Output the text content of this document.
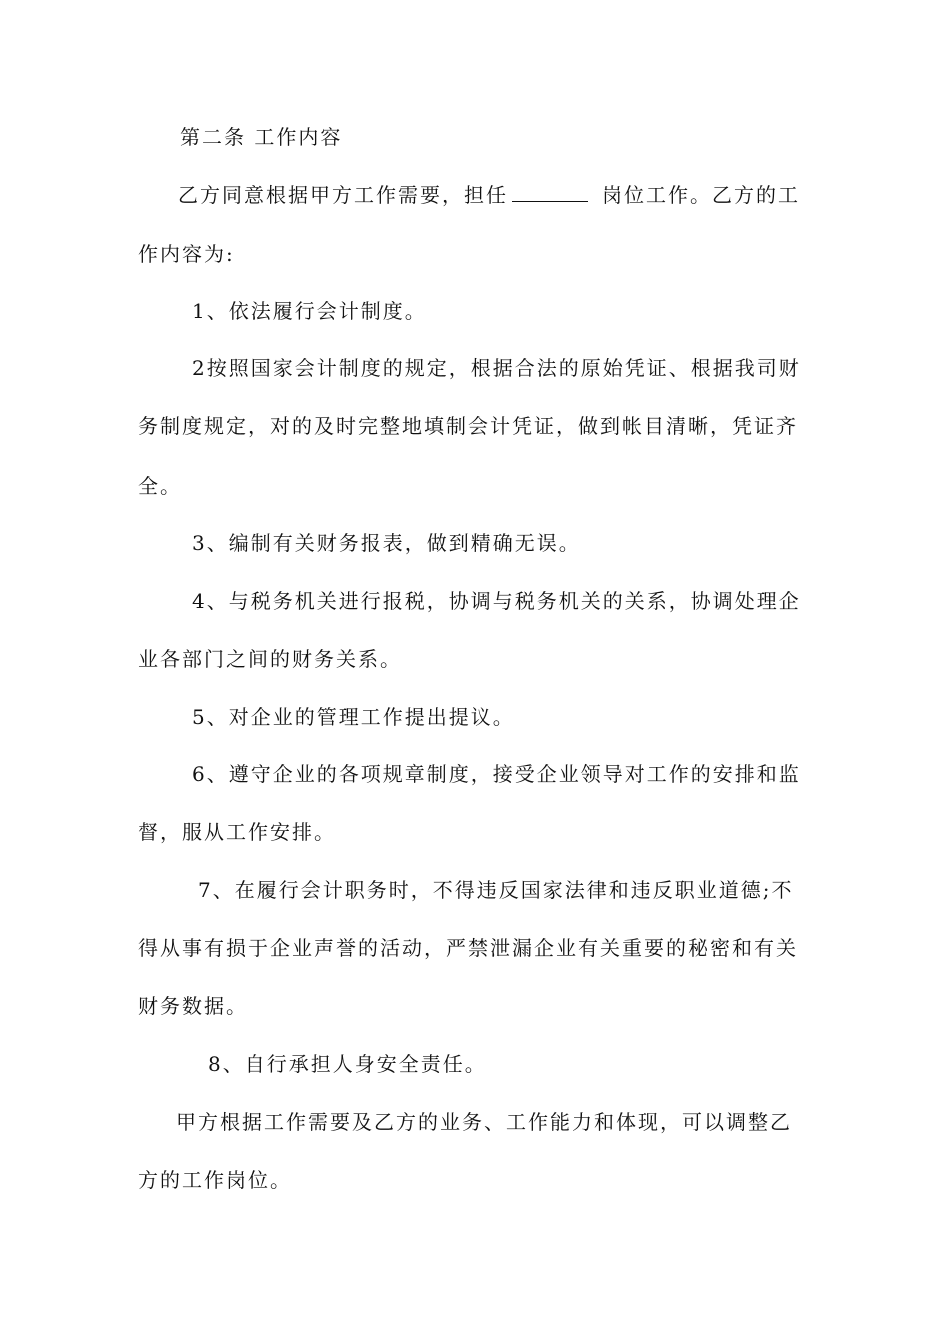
第二条 工作内容
乙方同意根据甲方工作需要，担任	岗位工作。乙方的工
作内容为:
1、依法履行会计制度。
2按照国家会计制度的规定，根据合法的原始凭证、根据我司财
务制度规定，对的及时完整地填制会计凭证，做到帐目清晰，凭证齐
全。
3、编制有关财务报表，做到精确无误。
4、与税务机关进行报税，协调与税务机关的关系，协调处理企
业各部门之间的财务关系。
5、对企业的管理工作提出提议。
6、遵守企业的各项规章制度，接受企业领导对工作的安排和监
督，服从工作安排。
7、在履行会计职务时，不得违反国家法律和违反职业道德;不
得从事有损于企业声誉的活动，严禁泄漏企业有关重要的秘密和有关
财务数据。
8、自行承担人身安全责任。
甲方根据工作需要及乙方的业务、工作能力和体现，可以调整乙
方的工作岗位。
